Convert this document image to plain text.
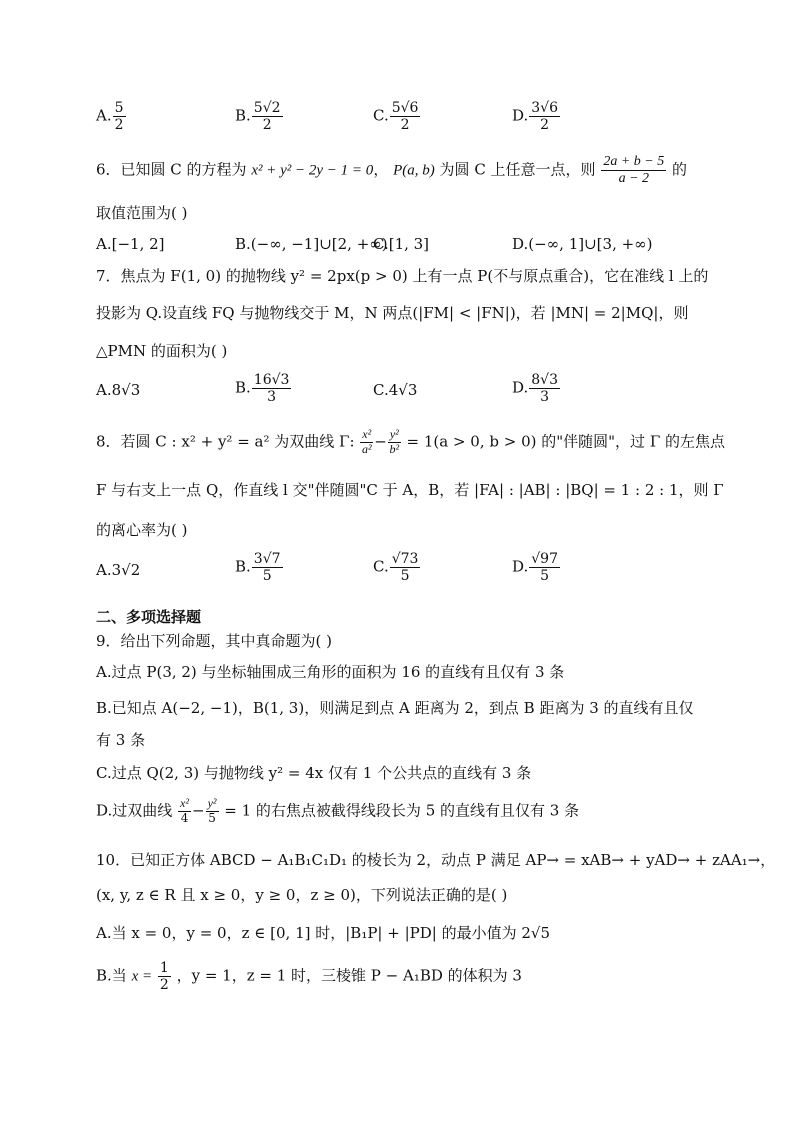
A. $\frac{5}{2}$	B. $\frac{5√2}{2}$	C. $\frac{5√6}{2}$	D. $\frac{3√6}{2}$
6．已知圆 C 的方程为 x² + y² − 2y − 1 = 0， P(a, b) 为圆 C 上任意一点，则 $\frac{2a + b - 5}{a - 2}$ 的
取值范围为( )
A.[−1, 2]	B.(−∞, −1]∪[2, +∞)
C.[1, 3]	D.(−∞, 1]∪[3, +∞)
7．焦点为 F(1, 0) 的抛物线 y² = 2px(p > 0) 上有一点 P(不与原点重合)，它在准线 l 上的
投影为 Q.设直线 FQ 与抛物线交于 M，N 两点(|FM| < |FN|)，若 |MN| = 2|MQ|，则
△PMN 的面积为( )
A.8√3	B. $\frac{16√3}{3}$	C.4√3	D. $\frac{8√3}{3}$
8．若圆 C : x² + y² = a² 为双曲线 Γ: $\frac{\text{x²}}{\text{a²}} - \frac{\text{y²}}{\text{b²}} = 1(a > 0$, b > 0) 的"伴随圆"，过 Γ 的左焦点
F 与右支上一点 Q，作直线 l 交"伴随圆"C 于 A，B，若 |FA| : |AB| : |BQ| = 1 : 2 : 1，则 Γ
的离心率为( )
A.3√2	B. $\frac{3√7}{5}$	C. $\frac{√73}{5}$	D. $\frac{√97}{5}$
二、多项选择题
9．给出下列命题，其中真命题为( )
A.过点 P(3, 2) 与坐标轴围成三角形的面积为 16 的直线有且仅有 3 条
B.已知点 A(−2, −1)，B(1, 3)，则满足到点 A 距离为 2，到点 B 距离为 3 的直线有且仅
有 3 条
C.过点 Q(2, 3) 与抛物线 y² = 4x 仅有 1 个公共点的直线有 3 条
D.过双曲线 $\frac{\text{x²}}{4} - \frac{\text{y²}}{5} = 1$ 的右焦点被截得线段长为 5 的直线有且仅有 3 条
10．已知正方体 ABCD − A₁B₁C₁D₁ 的棱长为 2，动点 P 满足 AP→ = xAB→ + yAD→ + zAA₁→，
(x, y, z ∈ R 且 x ≥ 0，y ≥ 0，z ≥ 0)，下列说法正确的是( )
A.当 x = 0，y = 0，z ∈ [0, 1] 时，|B₁P| + |PD| 的最小值为 2√5
B.当 $x = \frac{1}{2}$ ，y = 1，z = 1 时，三棱锥 P − A₁BD 的体积为 3
